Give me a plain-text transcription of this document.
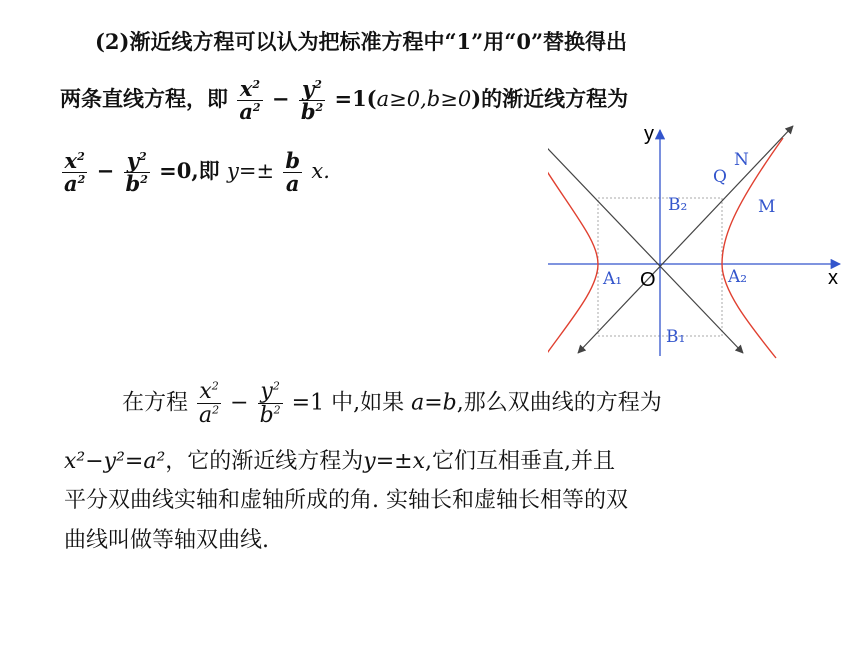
(2)渐近线方程可以认为把标准方程中“1”用“0”替换得出
两条直线方程，即 $\frac{x^2}{a^2} - \frac{y^2}{b^2} =1(a\ge 0,b\ge 0)$的渐近线方程为
$\frac{x^2}{a^2} - \frac{y^2}{b^2} =0$,即 $y=\pm \frac{b}{a} x$.
y
x
O
A₁	A₂
B₂
B₁
Q
N
M
在方程 $\frac{x^2}{a^2} - \frac{y^2}{b^2} =1$ 中,如果 a=b,那么双曲线的方程为
x²−y²=a²，它的渐近线方程为y=±x,它们互相垂直,并且
平分双曲线实轴和虚轴所成的角. 实轴长和虚轴长相等的双
曲线叫做等轴双曲线.
